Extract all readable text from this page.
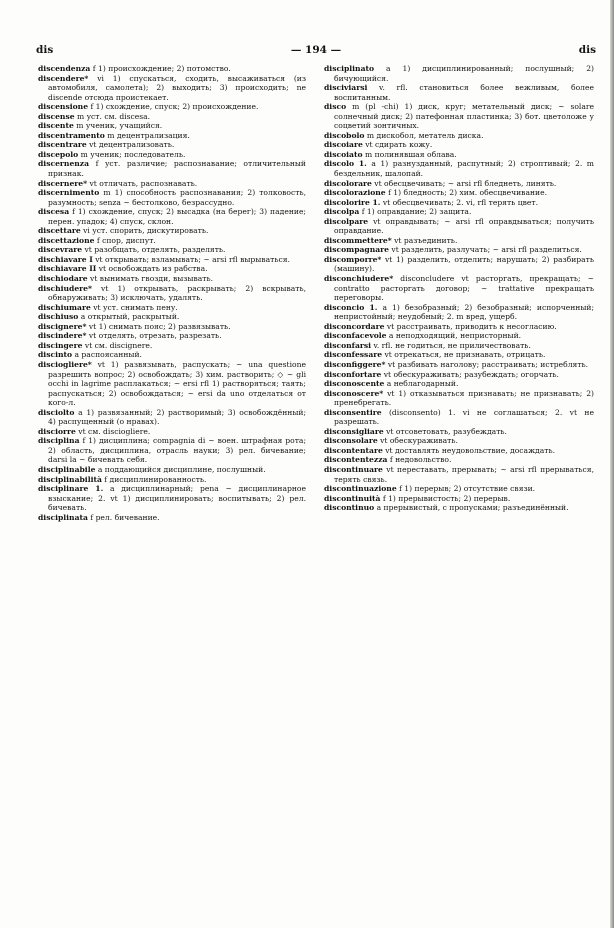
dis	— 194 —	dis

discendenza f 1) происхождение; 2) потомство.

discendere* vi 1) спускаться, сходить, высаживаться (из автомобиля, самолета); 2) выходить; 3) происходить; ne discende отсюда проистекает.

discensione f 1) схождение, спуск; 2) происхождение.

discense m уст. см. discesa.

discente m ученик, учащийся.

discentramento m децентрализация.

discentrare vt децентрализовать.

discepolo m ученик; последователь.

discernenza f уст. различие; распознавание; отличительный признак.

discernere* vt отличать, распознавать.

discernimento m 1) способность распознавания; 2) толковость, разумность; senza ~ бестолково, безрассудно.

discesa f 1) схождение, спуск; 2) высадка (на берег); 3) падение; перен. упадок; 4) спуск, склон.

discettare vi уст. спорить, дискутировать.

discettazione f спор, диспут.

discevrare vt разобщать, отделять, разделять.

dischiavare I vt открывать; взламывать; ~ arsi rfl вырываться.

dischiavare II vt освобождать из рабства.

dischiodare vt вынимать гвозди, вызывать.

dischiudere* vt 1) открывать, раскрывать; 2) вскрывать, обнаруживать; 3) исключать, удалять.

dischiumare vt уст. снимать пену.

dischiuso a открытый, раскрытый.

discignere* vt 1) снимать пояс; 2) развязывать.

discindere* vt отделять, отрезать, разрезать.

discingere vt см. discignere.

discinto a распоясанный.

disciogliere* vt 1) развязывать, распускать; ~ una questione разрешить вопрос; 2) освобождать; 3) хим. растворить; ◇ ~ gli occhi in lagrime расплакаться; ~ ersi rfl 1) растворяться; таять; распускаться; 2) освобождаться; ~ ersi da uno отделаться от кого-л.

disciolto a 1) развязанный; 2) растворимый; 3) освобождённый; 4) распущенный (о нравах).

disciorre vt см. disciogliere.

disciplina f 1) дисциплина; compagnia di ~ воен. штрафная рота; 2) область, дисциплина, отрасль науки; 3) рел. бичевание; darsi la ~ бичевать себя.

disciplinabile a поддающийся дисциплине, послушный.

disciplinabilità f дисциплинированность.

disciplinare 1. a дисциплинарный; pena ~ дисциплинарное взыскание; 2. vt 1) дисциплинировать; воспитывать; 2) рел. бичевать.

disciplinata f рел. бичевание.

disciplinato a 1) дисциплинированный; послушный; 2) бичующийся.

disciviarsi v. rfl. становиться более вежливым, более воспитанным.

disco m (pl -chi) 1) диск, круг; метательный диск; ~ solare солнечный диск; 2) патефонная пластинка; 3) бот. цветоложе у соцветий зонтичных.

discobolo m дискобол, метатель диска.

discoiare vt сдирать кожу.

discoiato m полинявшая облава.

discolo 1. a 1) разнузданный, распутный; 2) строптивый; 2. m бездельник, шалопай.

discolorare vt обесцвечивать; ~ arsi rfl бледнеть, линять.

discolorazione f 1) бледность; 2) хим. обесцвечивание.

discolorire 1. vt обесцвечивать; 2. vi, rfl терять цвет.

discolpa f 1) оправдание; 2) защита.

discolpare vt оправдывать; ~ arsi rfl оправдываться; получить оправдание.

discommettere* vt разъединить.

discompagnare vt разделить, разлучать; ~ arsi rfl разделиться.

discomporre* vt 1) разделить, отделить; нарушать; 2) разбирать (машину).

disconchiudere* disconcludere vt расторгать, прекращать; ~ contratto расторгать договор; ~ trattative прекращать переговоры.

disconcio 1. a 1) безобразный; 2) безобразный; испорченный; непристойный; неудобный; 2. m вред, ущерб.

disconcordare vt расстраивать, приводить к несогласию.

disconfacevole a неподходящий, непристорный.

disconfarsi v. rfl. не годиться, не приличествовать.

disconfessare vt отрекаться, не признавать, отрицать.

disconfiggere* vt разбивать наголову; расстраивать; истреблять.

disconfortare vt обескураживать; разубеждать; огорчать.

disconoscente a неблагодарный.

disconoscere* vt 1) отказываться признавать; не признавать; 2) пренебрегать.

disconsentire (disconsento) 1. vi не соглашаться; 2. vt не разрешать.

disconsigliare vt отсоветовать, разубеждать.

disconsolare vt обескураживать.

discontentare vt доставлять неудовольствие, досаждать.

discontentezza f недовольство.

discontinuare vt переставать, прерывать; ~ arsi rfl прерываться, терять связь.

discontinuazione f 1) перерыв; 2) отсутствие связи.

discontinuità f 1) прерывистость; 2) перерыв.

discontinuo a прерывистый, с пропусками; разъединённый.
